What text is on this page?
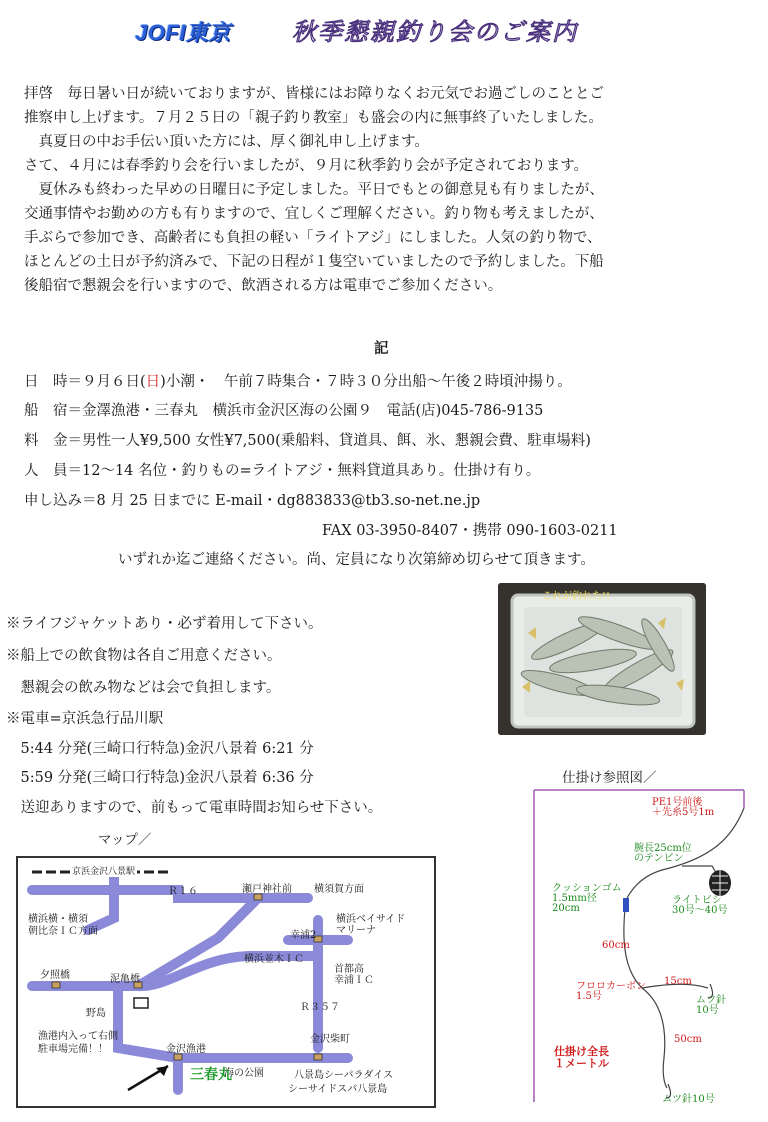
JOFI東京	秋季懇親釣り会のご案内
拝啓　毎日暑い日が続いておりますが、皆様にはお障りなくお元気でお過ごしのこととご
推察申し上げます。７月２５日の「親子釣り教室」も盛会の内に無事終了いたしました。
　真夏日の中お手伝い頂いた方には、厚く御礼申し上げます。
さて、４月には春季釣り会を行いましたが、９月に秋季釣り会が予定されております。
　夏休みも終わった早めの日曜日に予定しました。平日でもとの御意見も有りましたが、
交通事情やお勤めの方も有りますので、宜しくご理解ください。釣り物も考えましたが、
手ぶらで参加でき、高齢者にも負担の軽い「ライトアジ」にしました。人気の釣り物で、
ほとんどの土日が予約済みで、下記の日程が１隻空いていましたので予約しました。下船
後船宿で懇親会を行いますので、飲酒される方は電車でご参加ください。
記
日　時＝９月６日(日)小潮・　午前７時集合・７時３０分出船～午後２時頃沖揚り。
船　宿＝金澤漁港・三春丸　横浜市金沢区海の公園９　電話(店)045-786-9135
料　金＝男性一人¥9,500 女性¥7,500(乗船料、貸道具、餌、氷、懇親会費、駐車場料)
人　員＝12～14 名位・釣りもの=ライトアジ・無料貸道具あり。仕掛け有り。
申し込み＝8 月 25 日までに E-mail・dg883833@tb3.so-net.ne.jp
FAX 03-3950-8407・携帯 090-1603-0211
いずれか迄ご連絡ください。尚、定員になり次第締め切らせて頂きます。
※ライフジャケットあり・必ず着用して下さい。
※船上での飲食物は各自ご用意ください。
　懇親会の飲み物などは会で負担します。
※電車=京浜急行品川駅
　5:44 分発(三崎口行特急)金沢八景着 6:21 分
　5:59 分発(三崎口行特急)金沢八景着 6:36 分
　送迎ありますので、前もって電車時間お知らせ下さい。
これが釣れた!!
仕掛け参照図／
PE1号前後
＋先糸5号1m
腕長25cm位
のテンビン
クッションゴム
1.5mm径
20cm
ライトビシ
30号～40号
60cm
フロロカーボン
1.5号
15cm
ムツ針
10号
50cm
仕掛け全長
１メートル
ムツ針10号
マップ／
京浜金沢八景駅
Ｒ１６	瀬戸神社前 横須賀方面
横浜横・横須
朝比奈ＩＣ方面
横浜ベイサイド
マリーナ
幸浦2
横浜並木ＩＣ
夕照橋	泥亀橋
首都高
幸浦ＩＣ
野島
Ｒ３５７
金沢漁港
金沢柴町
漁港内入って右側
駐車場完備！！
海の公園	八景島シーパラダイス
シーサイドスパ八景島
三春丸
